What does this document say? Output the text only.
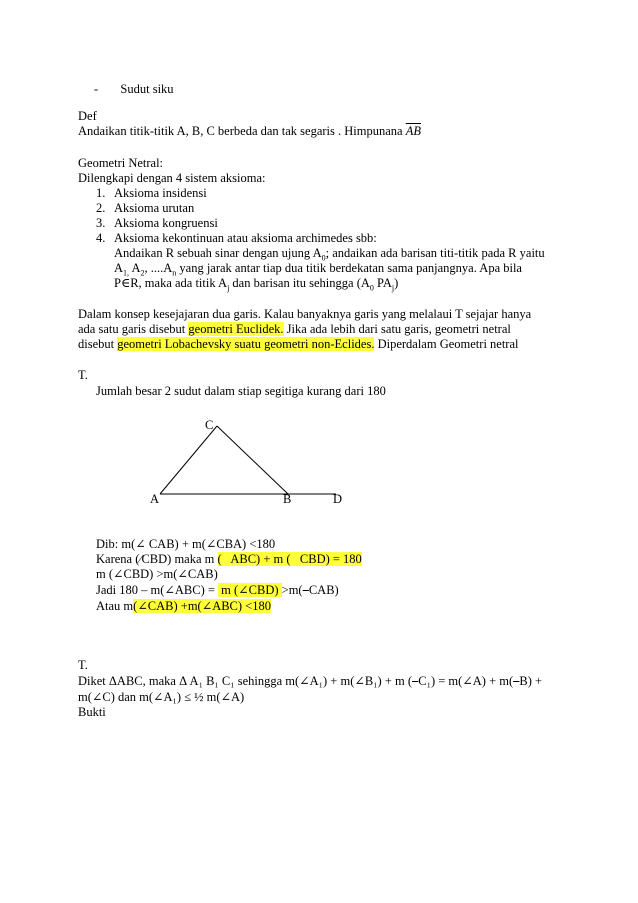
- Sudut siku
Def
Andaikan titik-titik A, B, C berbeda dan tak segaris . Himpunana $\overline{AB}$
Geometri Netral:
Dilengkapi dengan 4 sistem aksioma:
1. Aksioma insidensi
2. Aksioma urutan
3. Aksioma kongruensi
4. Aksioma kekontinuan atau aksioma archimedes sbb:
Andaikan R sebuah sinar dengan ujung $A_0$; andaikan ada barisan titi-titik pada R yaitu
$A_{1,}$ $A_2$, $....A_n$ yang jarak antar tiap dua titik berdekatan sama panjangnya. Apa bila
P∈R, maka ada titik $A_j$ dan barisan itu sehingga ($A_0$ $PA_j$)
Dalam konsep kesejajaran dua garis. Kalau banyaknya garis yang melalaui T sejajar hanya
ada satu garis disebut geometri Euclidek. Jika ada lebih dari satu garis, geometri netral
disebut geometri Lobachevsky suatu geometri non-Eclides. Diperdalam Geometri netral
T.
Jumlah besar 2 sudut dalam stiap segitiga kurang dari 180
C
A	B	D
Dib: m(∠ CAB) + m(∠CBA) <180
Karena (∕CBD) maka m (   ABC) + m (   CBD) = 180
m (∠CBD) >m(∠CAB)
Jadi 180 – m(∠ABC) =  m (∠CBD) >m(⎯CAB)
Atau m(∠CAB) +m(∠ABC) <180
T.
Diket ΔABC, maka Δ A₁ B₁ C₁ sehingga m(∠A₁) + m(∠B₁) + m (⎯C₁) = m(∠A) + m(⎯B) +
m(∠C) dan m(∠A₁) ≤ ½ m(∠A)
Bukti
